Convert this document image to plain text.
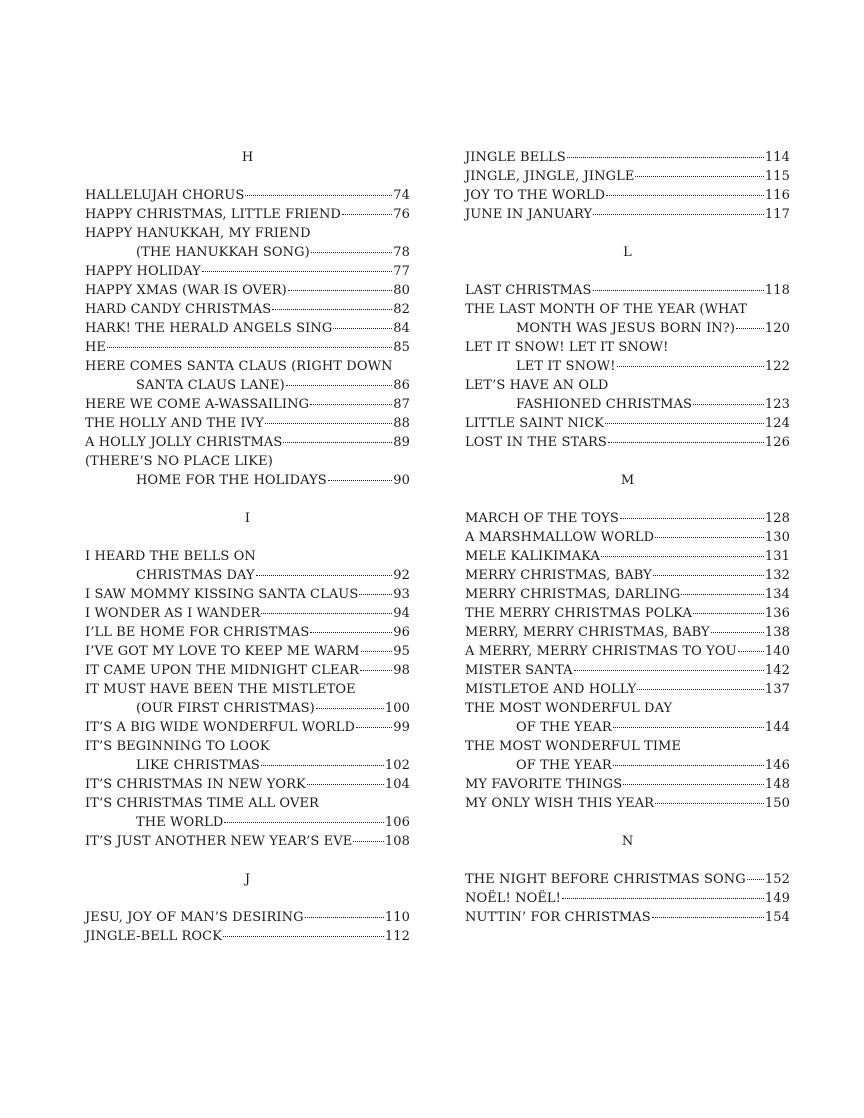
H
HALLELUJAH CHORUS	74
HAPPY CHRISTMAS, LITTLE FRIEND	76
HAPPY HANUKKAH, MY FRIEND
(THE HANUKKAH SONG)	78
HAPPY HOLIDAY	77
HAPPY XMAS (WAR IS OVER)	80
HARD CANDY CHRISTMAS	82
HARK! THE HERALD ANGELS SING	84
HE	85
HERE COMES SANTA CLAUS (RIGHT DOWN
SANTA CLAUS LANE)	86
HERE WE COME A-WASSAILING	87
THE HOLLY AND THE IVY	88
A HOLLY JOLLY CHRISTMAS	89
(THERE’S NO PLACE LIKE)
HOME FOR THE HOLIDAYS	90
I
I HEARD THE BELLS ON
CHRISTMAS DAY	92
I SAW MOMMY KISSING SANTA CLAUS	93
I WONDER AS I WANDER	94
I’LL BE HOME FOR CHRISTMAS	96
I’VE GOT MY LOVE TO KEEP ME WARM	95
IT CAME UPON THE MIDNIGHT CLEAR	98
IT MUST HAVE BEEN THE MISTLETOE
(OUR FIRST CHRISTMAS)	100
IT’S A BIG WIDE WONDERFUL WORLD	99
IT’S BEGINNING TO LOOK
LIKE CHRISTMAS	102
IT’S CHRISTMAS IN NEW YORK	104
IT’S CHRISTMAS TIME ALL OVER
THE WORLD	106
IT’S JUST ANOTHER NEW YEAR’S EVE	108
J
JESU, JOY OF MAN’S DESIRING	110
JINGLE-BELL ROCK	112
JINGLE BELLS	114
JINGLE, JINGLE, JINGLE	115
JOY TO THE WORLD	116
JUNE IN JANUARY	117
L
LAST CHRISTMAS	118
THE LAST MONTH OF THE YEAR (WHAT
MONTH WAS JESUS BORN IN?) 120
LET IT SNOW! LET IT SNOW!
LET IT SNOW!	122
LET’S HAVE AN OLD
FASHIONED CHRISTMAS	123
LITTLE SAINT NICK	124
LOST IN THE STARS	126
M
MARCH OF THE TOYS	128
A MARSHMALLOW WORLD	130
MELE KALIKIMAKA	131
MERRY CHRISTMAS, BABY	132
MERRY CHRISTMAS, DARLING	134
THE MERRY CHRISTMAS POLKA	136
MERRY, MERRY CHRISTMAS, BABY	138
A MERRY, MERRY CHRISTMAS TO YOU 140
MISTER SANTA	142
MISTLETOE AND HOLLY	137
THE MOST WONDERFUL DAY
OF THE YEAR	144
THE MOST WONDERFUL TIME
OF THE YEAR	146
MY FAVORITE THINGS	148
MY ONLY WISH THIS YEAR	150
N
THE NIGHT BEFORE CHRISTMAS SONG 152
NOËL! NOËL!	149
NUTTIN’ FOR CHRISTMAS	154
